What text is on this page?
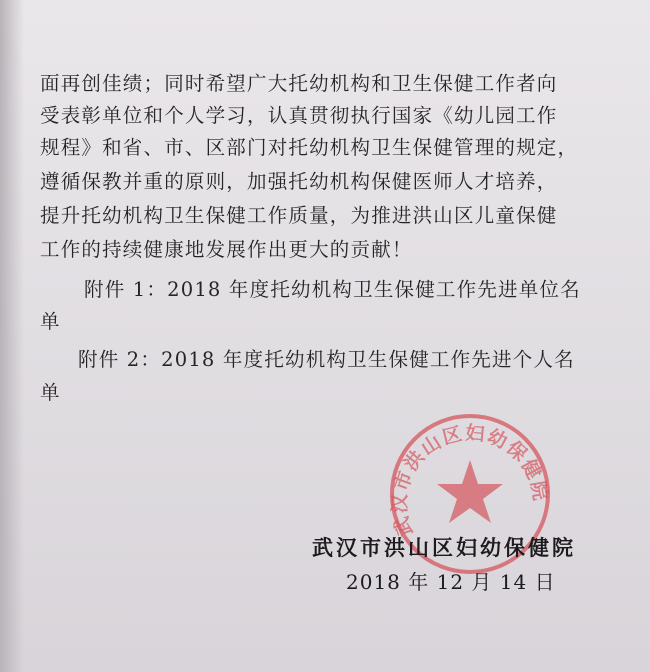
面再创佳绩；同时希望广大托幼机构和卫生保健工作者向
受表彰单位和个人学习，认真贯彻执行国家《幼儿园工作
规程》和省、市、区部门对托幼机构卫生保健管理的规定，
遵循保教并重的原则，加强托幼机构保健医师人才培养，
提升托幼机构卫生保健工作质量，为推进洪山区儿童保健
工作的持续健康地发展作出更大的贡献！
附件 1：2018 年度托幼机构卫生保健工作先进单位名
单
附件 2：2018 年度托幼机构卫生保健工作先进个人名
单
武汉市洪山区妇幼保健院
武汉市洪山区妇幼保健院
2018 年 12 月 14 日
